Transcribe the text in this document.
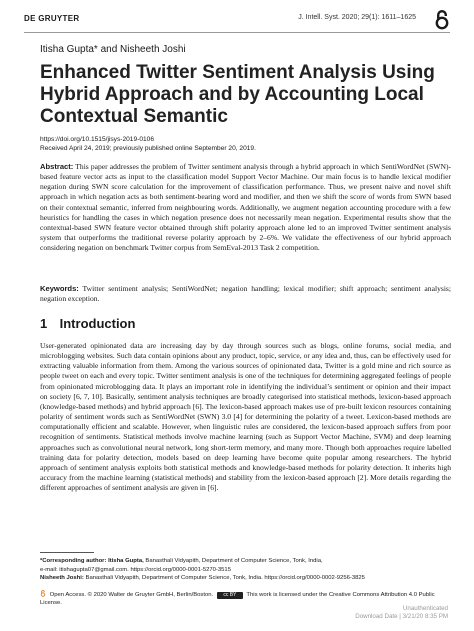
DE GRUYTER	J. Intell. Syst. 2020; 29(1): 1611–1625
Itisha Gupta* and Nisheeth Joshi
Enhanced Twitter Sentiment Analysis Using Hybrid Approach and by Accounting Local Contextual Semantic
https://doi.org/10.1515/jisys-2019-0106
Received April 24, 2019; previously published online September 20, 2019.
Abstract: This paper addresses the problem of Twitter sentiment analysis through a hybrid approach in which SentiWordNet (SWN)-based feature vector acts as input to the classification model Support Vector Machine. Our main focus is to handle lexical modifier negation during SWN score calculation for the improvement of classification performance. Thus, we present naive and novel shift approach in which negation acts as both sentiment-bearing word and modifier, and then we shift the score of words from SWN based on their contextual semantic, inferred from neighbouring words. Additionally, we augment negation accounting procedure with a few heuristics for handling the cases in which negation presence does not necessarily mean negation. Experimental results show that the contextual-based SWN feature vector obtained through shift polarity approach alone led to an improved Twitter sentiment analysis system that outperforms the traditional reverse polarity approach by 2–6%. We validate the effectiveness of our hybrid approach considering negation on benchmark Twitter corpus from SemEval-2013 Task 2 competition.
Keywords: Twitter sentiment analysis; SentiWordNet; negation handling; lexical modifier; shift approach; sentiment analysis; negation exception.
1 Introduction
User-generated opinionated data are increasing day by day through sources such as blogs, online forums, social media, and microblogging websites. Such data contain opinions about any product, topic, service, or any idea and, thus, can be effectively used for extracting valuable information from them. Among the various sources of opinionated data, Twitter is a gold mine and rich source as people tweet on each and every topic. Twitter sentiment analysis is one of the techniques for determining aggregated feelings of people from opinionated microblogging data. It plays an important role in identifying the individual’s sentiment or opinion and their impact on society [6, 7, 10]. Basically, sentiment analysis techniques are broadly categorised into statistical methods, lexicon-based approach (knowledge-based methods) and hybrid approach [6]. The lexicon-based approach makes use of pre-built lexicon resources containing polarity of sentiment words such as SentiWordNet (SWN) 3.0 [4] for determining the polarity of a tweet. Lexicon-based methods are computationally efficient and scalable. However, when linguistic rules are considered, the lexicon-based approach suffers from poor recognition of sentiments. Statistical methods involve machine learning (such as Support Vector Machine, SVM) and deep learning approaches such as convolutional neural network, long short-term memory, and many more. Though both approaches require labelled training data for polarity detection, models based on deep learning have become quite popular among researchers. The hybrid approach of sentiment analysis exploits both statistical methods and knowledge-based methods for polarity detection. It inherits high accuracy from the machine learning (statistical methods) and stability from the lexicon-based approach [2]. More details regarding the different approaches of sentiment analysis are given in [6].
*Corresponding author: Itisha Gupta, Banasthali Vidyapith, Department of Computer Science, Tonk, India,
e-mail: itishagupta07@gmail.com. https://orcid.org/0000-0001-5270-3515
Nisheeth Joshi: Banasthali Vidyapith, Department of Computer Science, Tonk, India. https://orcid.org/0000-0002-9256-3825
Open Access. © 2020 Walter de Gruyter GmbH, Berlin/Boston. cc BY This work is licensed under the Creative Commons Attribution 4.0 Public License.
Unauthenticated
Download Date | 3/21/20 8:35 PM
